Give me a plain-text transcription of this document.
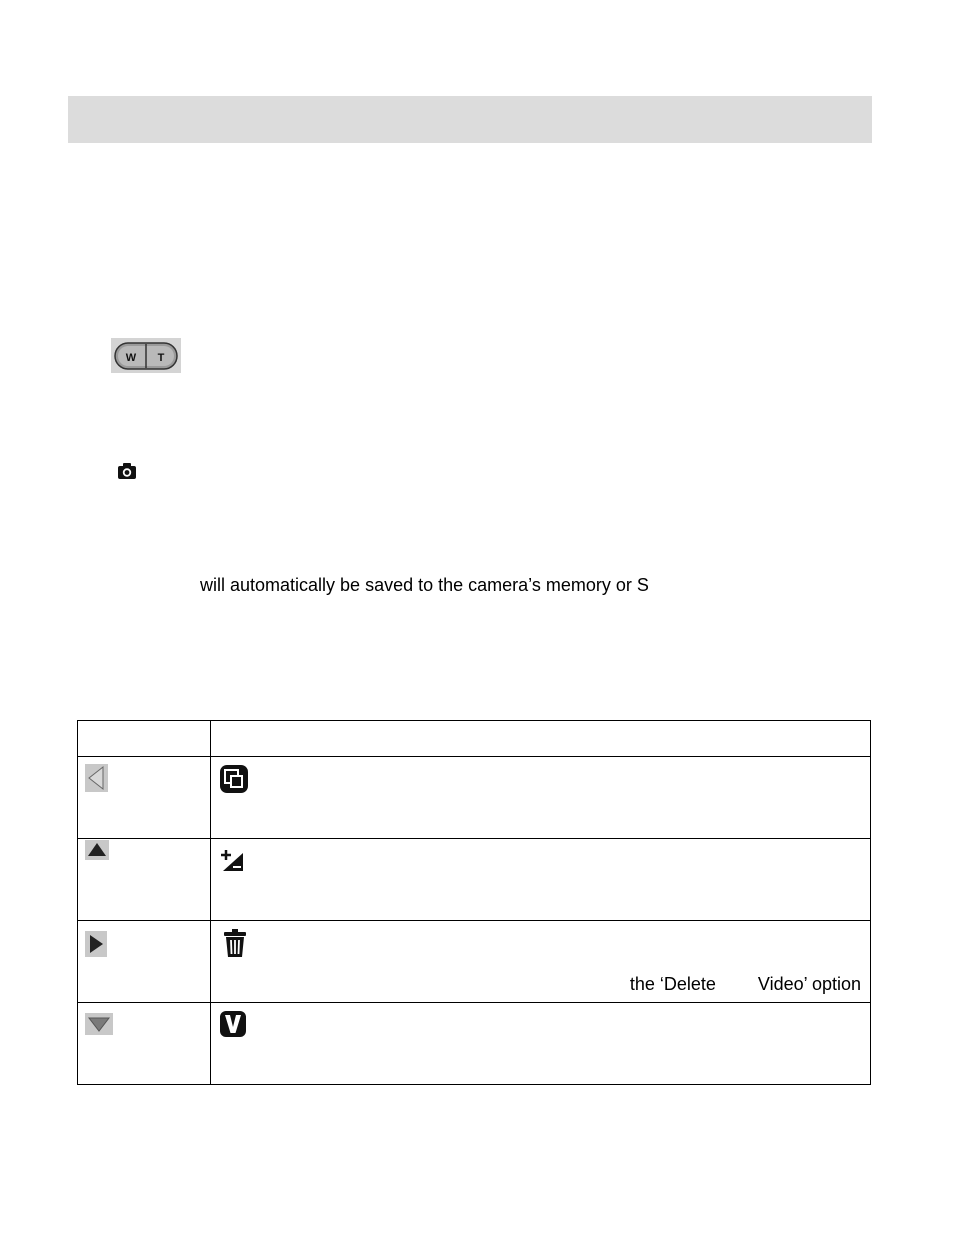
W T
will automatically be saved to the camera’s memory or S

the ‘Delete Video’ option
